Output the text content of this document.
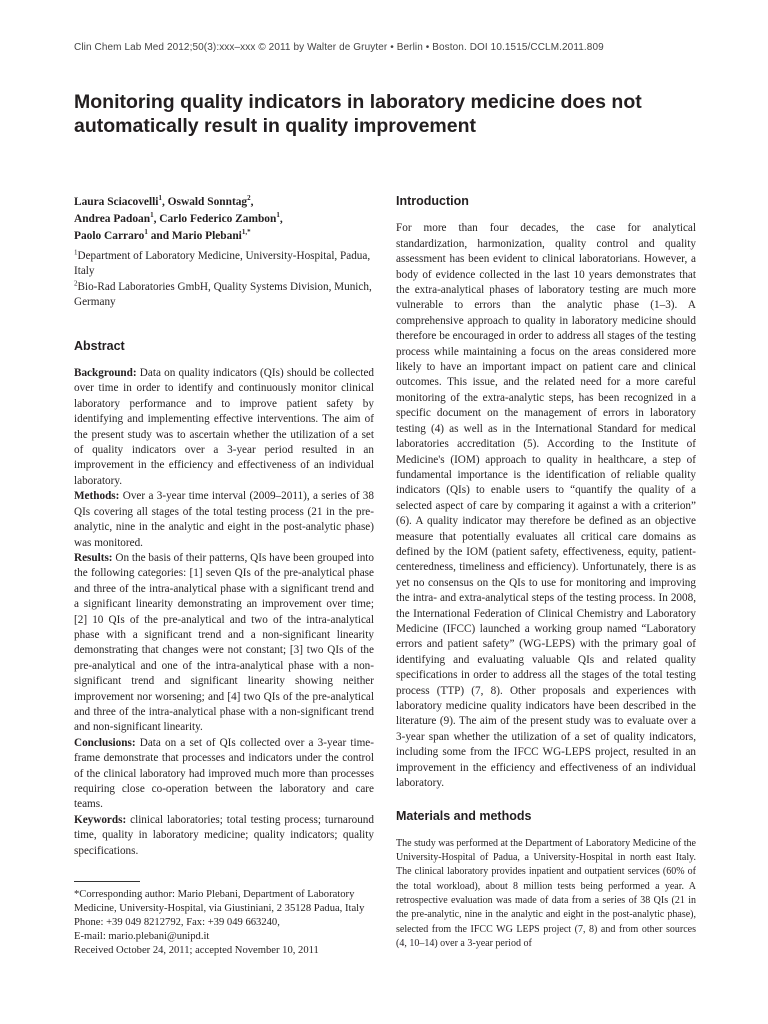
Clin Chem Lab Med 2012;50(3):xxx–xxx © 2011 by Walter de Gruyter • Berlin • Boston. DOI 10.1515/CCLM.2011.809
Monitoring quality indicators in laboratory medicine does not automatically result in quality improvement
Laura Sciacovelli$^1$, Oswald Sonntag$^2$,
Andrea Padoan$^1$, Carlo Federico Zambon$^1$,
Paolo Carraro$^1$ and Mario Plebani$^{1,*}$

$^1$Department of Laboratory Medicine, University-Hospital, Padua, Italy

$^2$Bio-Rad Laboratories GmbH, Quality Systems Division, Munich, Germany

Abstract

Background: Data on quality indicators (QIs) should be collected over time in order to identify and continuously monitor clinical laboratory performance and to improve patient safety by identifying and implementing effective interventions. The aim of the present study was to ascertain whether the utilization of a set of quality indicators over a 3-year period resulted in an improvement in the efficiency and effectiveness of an individual laboratory.

Methods: Over a 3-year time interval (2009–2011), a series of 38 QIs covering all stages of the total testing process (21 in the pre-analytic, nine in the analytic and eight in the post-analytic phase) was monitored.

Results: On the basis of their patterns, QIs have been grouped into the following categories: [1] seven QIs of the pre-analytical phase and three of the intra-analytical phase with a significant trend and a significant linearity demonstrating an improvement over time; [2] 10 QIs of the pre-analytical and two of the intra-analytical phase with a significant trend and a non-significant linearity demonstrating that changes were not constant; [3] two QIs of the pre-analytical and one of the intra-analytical phase with a non-significant trend and significant linearity showing neither improvement nor worsening; and [4] two QIs of the pre-analytical and three of the intra-analytical phase with a non-significant trend and non-significant linearity.

Conclusions: Data on a set of QIs collected over a 3-year time-frame demonstrate that processes and indicators under the control of the clinical laboratory had improved much more than processes requiring close co-operation between the laboratory and care teams.

Keywords: clinical laboratories; total testing process; turnaround time, quality in laboratory medicine; quality indicators; quality specifications.

*Corresponding author: Mario Plebani, Department of Laboratory Medicine, University-Hospital, via Giustiniani, 2 35128 Padua, Italy

Phone: +39 049 8212792, Fax: +39 049 663240,

E-mail: mario.plebani@unipd.it

Received October 24, 2011; accepted November 10, 2011

Introduction

For more than four decades, the case for analytical standardization, harmonization, quality control and quality assessment has been evident to clinical laboratorians. However, a body of evidence collected in the last 10 years demonstrates that the extra-analytical phases of laboratory testing are much more vulnerable to errors than the analytic phase (1–3). A comprehensive approach to quality in laboratory medicine should therefore be encouraged in order to address all stages of the testing process while maintaining a focus on the areas considered more likely to have an important impact on patient care and clinical outcomes. This issue, and the related need for a more careful monitoring of the extra-analytic steps, has been recognized in a specific document on the management of errors in laboratory testing (4) as well as in the International Standard for medical laboratories accreditation (5). According to the Institute of Medicine's (IOM) approach to quality in healthcare, a step of fundamental importance is the identification of reliable quality indicators (QIs) to enable users to “quantify the quality of a selected aspect of care by comparing it against a with a criterion” (6). A quality indicator may therefore be defined as an objective measure that potentially evaluates all critical care domains as defined by the IOM (patient safety, effectiveness, equity, patient-centeredness, timeliness and efficiency). Unfortunately, there is as yet no consensus on the QIs to use for monitoring and improving the intra- and extra-analytical steps of the testing process. In 2008, the International Federation of Clinical Chemistry and Laboratory Medicine (IFCC) launched a working group named “Laboratory errors and patient safety” (WG-LEPS) with the primary goal of identifying and evaluating valuable QIs and related quality specifications in order to address all the stages of the total testing process (TTP) (7, 8). Other proposals and experiences with laboratory medicine quality indicators have been described in the literature (9). The aim of the present study was to evaluate over a 3-year span whether the utilization of a set of quality indicators, including some from the IFCC WG-LEPS project, resulted in an improvement in the efficiency and effectiveness of an individual laboratory.

Materials and methods

The study was performed at the Department of Laboratory Medicine of the University-Hospital of Padua, a University-Hospital in north east Italy. The clinical laboratory provides inpatient and outpatient services (60% of the total workload), about 8 million tests being performed a year. A retrospective evaluation was made of data from a series of 38 QIs (21 in the pre-analytic, nine in the analytic and eight in the post-analytic phase), selected from the IFCC WG LEPS project (7, 8) and from other sources (4, 10–14) over a 3-year period of
